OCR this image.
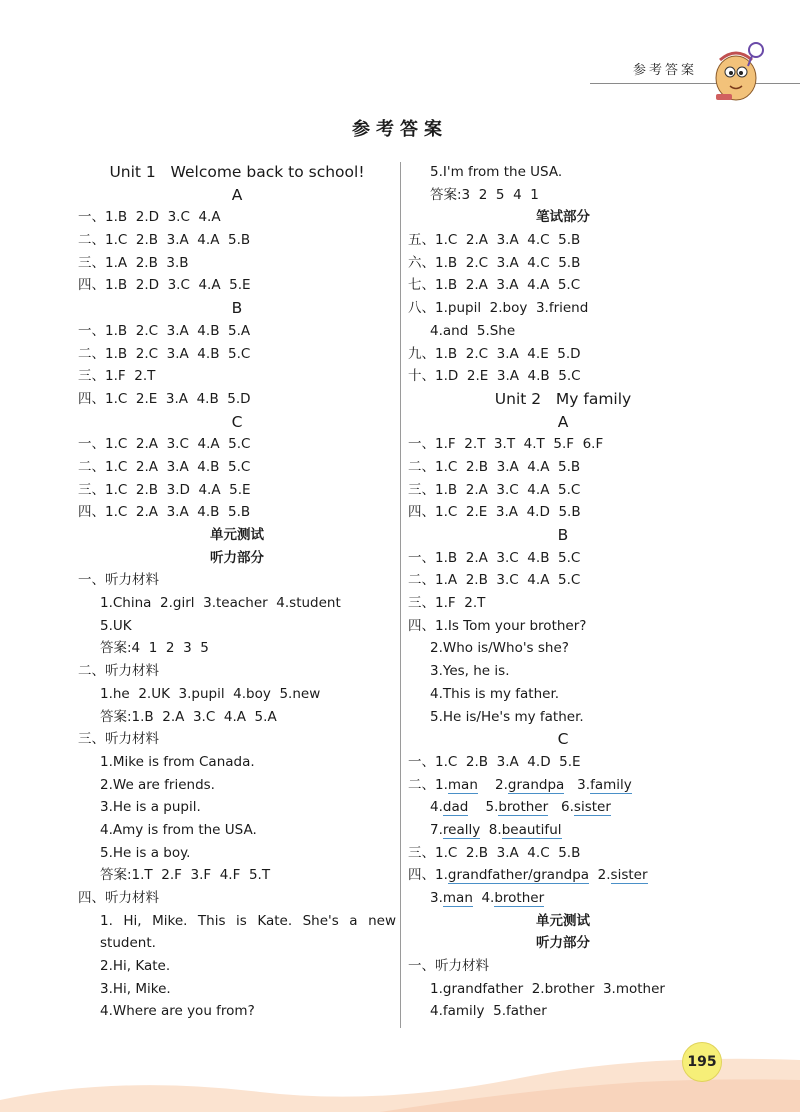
参考答案
参考答案
Unit 1   Welcome back to school!
A
一、1.B  2.D  3.C  4.A
二、1.C  2.B  3.A  4.A  5.B
三、1.A  2.B  3.B
四、1.B  2.D  3.C  4.A  5.E
B
一、1.B  2.C  3.A  4.B  5.A
二、1.B  2.C  3.A  4.B  5.C
三、1.F  2.T
四、1.C  2.E  3.A  4.B  5.D
C
一、1.C  2.A  3.C  4.A  5.C
二、1.C  2.A  3.A  4.B  5.C
三、1.C  2.B  3.D  4.A  5.E
四、1.C  2.A  3.A  4.B  5.B
单元测试
听力部分
一、听力材料
1.China  2.girl  3.teacher  4.student
5.UK
答案:4  1  2  3  5
二、听力材料
1.he  2.UK  3.pupil  4.boy  5.new
答案:1.B  2.A  3.C  4.A  5.A
三、听力材料
1.Mike is from Canada.
2.We are friends.
3.He is a pupil.
4.Amy is from the USA.
5.He is a boy.
答案:1.T  2.F  3.F  4.F  5.T
四、听力材料
1. Hi, Mike. This is Kate. She's a new
student.
2.Hi, Kate.
3.Hi, Mike.
4.Where are you from?
5.I'm from the USA.
答案:3  2  5  4  1
笔试部分
五、1.C  2.A  3.A  4.C  5.B
六、1.B  2.C  3.A  4.C  5.B
七、1.B  2.A  3.A  4.A  5.C
八、1.pupil  2.boy  3.friend
4.and  5.She
九、1.B  2.C  3.A  4.E  5.D
十、1.D  2.E  3.A  4.B  5.C
Unit 2   My family
A
一、1.F  2.T  3.T  4.T  5.F  6.F
二、1.C  2.B  3.A  4.A  5.B
三、1.B  2.A  3.C  4.A  5.C
四、1.C  2.E  3.A  4.D  5.B
B
一、1.B  2.A  3.C  4.B  5.C
二、1.A  2.B  3.C  4.A  5.C
三、1.F  2.T
四、1.Is Tom your brother?
2.Who is/Who's she?
3.Yes, he is.
4.This is my father.
5.He is/He's my father.
C
一、1.C  2.B  3.A  4.D  5.E
二、1.man    2.grandpa   3.family
4.dad    5.brother   6.sister
7.really  8.beautiful
三、1.C  2.B  3.A  4.C  5.B
四、1.grandfather/grandpa  2.sister
3.man  4.brother
单元测试
听力部分
一、听力材料
1.grandfather  2.brother  3.mother
4.family  5.father
195
